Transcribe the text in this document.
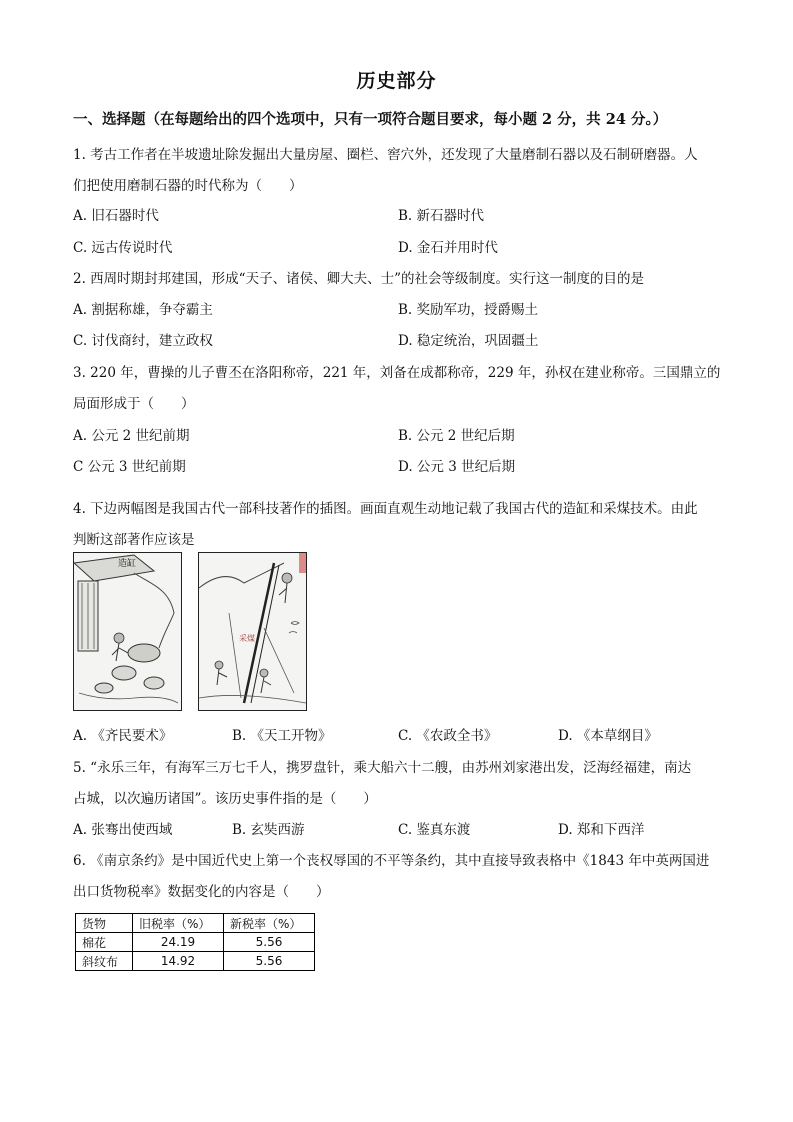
历史部分
一、选择题（在每题给出的四个选项中，只有一项符合题目要求，每小题 2 分，共 24 分。）
1. 考古工作者在半坡遗址除发掘出大量房屋、圈栏、窖穴外，还发现了大量磨制石器以及石制研磨器。人
们把使用磨制石器的时代称为（　　）
A. 旧石器时代	B. 新石器时代
C. 远古传说时代	D. 金石并用时代
2. 西周时期封邦建国，形成“天子、诸侯、卿大夫、士”的社会等级制度。实行这一制度的目的是
A. 割据称雄，争夺霸主	B. 奖励军功，授爵赐土
C. 讨伐商纣，建立政权	D. 稳定统治，巩固疆土
3. 220 年，曹操的儿子曹丕在洛阳称帝，221 年，刘备在成都称帝，229 年，孙权在建业称帝。三国鼎立的
局面形成于（　　）
A. 公元 2 世纪前期	B. 公元 2 世纪后期
C 公元 3 世纪前期	D. 公元 3 世纪后期
4. 下边两幅图是我国古代一部科技著作的插图。画面直观生动地记载了我国古代的造缸和采煤技术。由此
判断这部著作应该是
造缸
采煤
A. 《齐民要术》	B. 《天工开物》	C. 《农政全书》	D. 《本草纲目》
5. “永乐三年，有海军三万七千人，携罗盘针，乘大船六十二艘，由苏州刘家港出发，泛海经福建，南达
占城，以次遍历诸国”。该历史事件指的是（　　）
A. 张骞出使西域	B. 玄奘西游	C. 鉴真东渡	D. 郑和下西洋
6. 《南京条约》是中国近代史上第一个丧权辱国的不平等条约，其中直接导致表格中《1843 年中英两国进
出口货物税率》数据变化的内容是（　　）
货物	旧税率（%）	新税率（%）
棉花	24.19	5.56
斜纹布	14.92	5.56
